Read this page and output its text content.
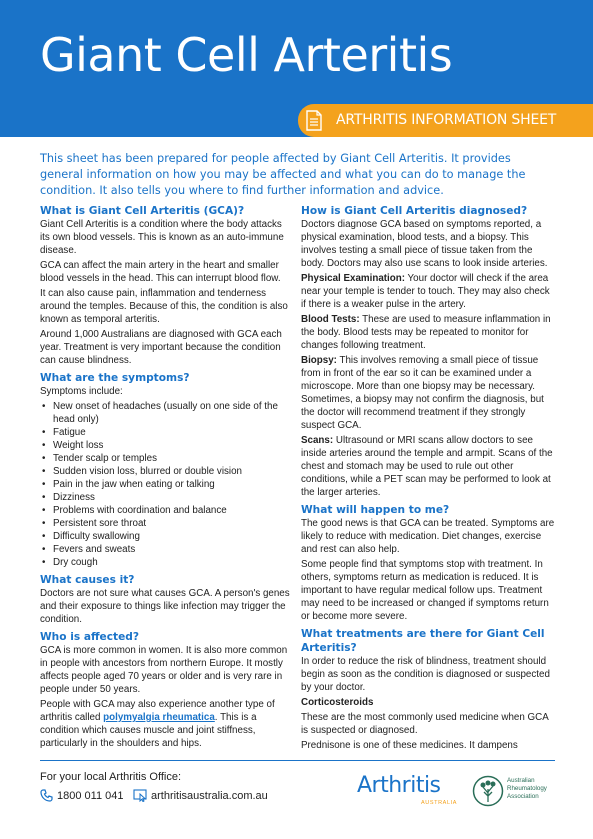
Giant Cell Arteritis
ARTHRITIS INFORMATION SHEET

This sheet has been prepared for people affected by Giant Cell Arteritis. It provides general information on how you may be affected and what you can do to manage the condition. It also tells you where to find further information and advice.

What is Giant Cell Arteritis (GCA)?

Giant Cell Arteritis is a condition where the body attacks its own blood vessels. This is known as an auto-immune disease.

GCA can affect the main artery in the heart and smaller blood vessels in the head. This can interrupt blood flow.

It can also cause pain, inflammation and tenderness around the temples. Because of this, the condition is also known as temporal arteritis.

Around 1,000 Australians are diagnosed with GCA each year. Treatment is very important because the condition can cause blindness.

What are the symptoms?

Symptoms include:

• New onset of headaches (usually on one side of the head only)
• Fatigue
• Weight loss
• Tender scalp or temples
• Sudden vision loss, blurred or double vision
• Pain in the jaw when eating or talking
• Dizziness
• Problems with coordination and balance
• Persistent sore throat
• Difficulty swallowing
• Fevers and sweats
• Dry cough
What causes it?

Doctors are not sure what causes GCA. A person's genes and their exposure to things like infection may trigger the condition.

Who is affected?

GCA is more common in women. It is also more common in people with ancestors from northern Europe. It mostly affects people aged 70 years or older and is very rare in people under 50 years.

People with GCA may also experience another type of arthritis called polymyalgia rheumatica. This is a condition which causes muscle and joint stiffness, particularly in the shoulders and hips.

How is Giant Cell Arteritis diagnosed?

Doctors diagnose GCA based on symptoms reported, a physical examination, blood tests, and a biopsy. This involves testing a small piece of tissue taken from the body. Doctors may also use scans to look inside arteries.

Physical Examination: Your doctor will check if the area near your temple is tender to touch. They may also check if there is a weaker pulse in the artery.

Blood Tests: These are used to measure inflammation in the body. Blood tests may be repeated to monitor for changes following treatment.

Biopsy: This involves removing a small piece of tissue from in front of the ear so it can be examined under a microscope. More than one biopsy may be necessary. Sometimes, a biopsy may not confirm the diagnosis, but the doctor will recommend treatment if they strongly suspect GCA.

Scans: Ultrasound or MRI scans allow doctors to see inside arteries around the temple and armpit. Scans of the chest and stomach may be used to rule out other conditions, while a PET scan may be performed to look at the larger arteries.

What will happen to me?

The good news is that GCA can be treated. Symptoms are likely to reduce with medication. Diet changes, exercise and rest can also help.

Some people find that symptoms stop with treatment. In others, symptoms return as medication is reduced. It is important to have regular medical follow ups. Treatment may need to be increased or changed if symptoms return or become more severe.

What treatments are there for Giant Cell Arteritis?

In order to reduce the risk of blindness, treatment should begin as soon as the condition is diagnosed or suspected by your doctor.

Corticosteroids

These are the most commonly used medicine when GCA is suspected or diagnosed.

Prednisone is one of these medicines. It dampens

For your local Arthritis Office:
1800 011 041	arthritisaustralia.com.au	Arthritis
AUSTRALIA
Australian Rheumatology Association
